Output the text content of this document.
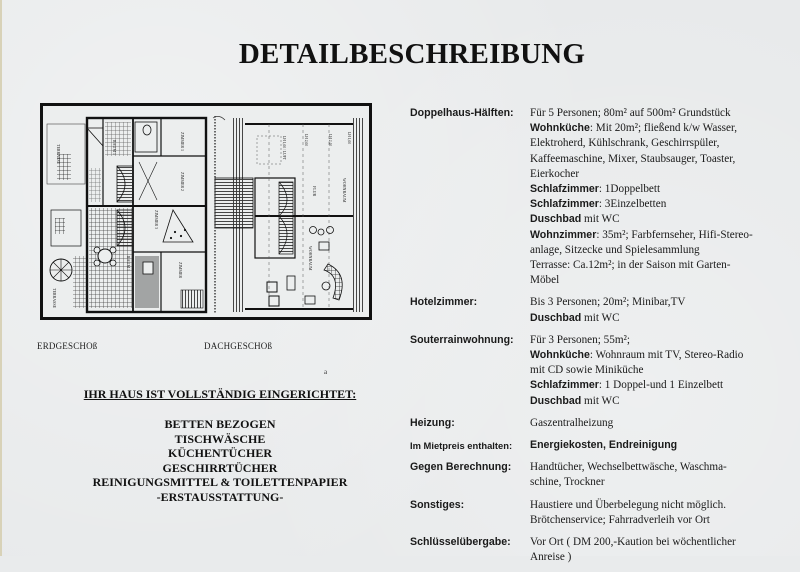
DETAILBESCHREIBUNG
TERRASSE
ZIMMER 1
ZIMMER 2
ZIMMER 3
ZIMMER
RAUM 1
RAUM 1
TERRASSE
LH 2,00	LH 2,40	LH 1,00
LH 1,00 / LUFT
WOHNRAUM
FLUR
WOHNRAUM
ERDGESCHOß	DACHGESCHOß
a
IHR HAUS IST VOLLSTÄNDIG EINGERICHTET:
BETTEN BEZOGEN
TISCHWÄSCHE
KÜCHENTÜCHER
GESCHIRRTÜCHER
REINIGUNGSMITTEL & TOILETTENPAPIER
-ERSTAUSSTATTUNG-
Doppelhaus-Hälften:	Für 5 Personen; 80m² auf 500m² Grundstück
Wohnküche: Mit 20m²; fließend k/w Wasser,
Elektroherd, Kühlschrank, Geschirrspüler,
Kaffeemaschine, Mixer, Staubsauger, Toaster,
Eierkocher
Schlafzimmer: 1Doppelbett
Schlafzimmer: 3Einzelbetten
Duschbad mit WC
Wohnzimmer: 35m²; Farbfernseher, Hifi-Stereo-
anlage, Sitzecke und Spielesammlung
Terrasse: Ca.12m²; in der Saison mit Garten-
Möbel
Hotelzimmer:	Bis 3 Personen; 20m²; Minibar,TV
Duschbad mit WC
Souterrainwohnung:	Für 3 Personen; 55m²;
Wohnküche: Wohnraum mit TV, Stereo-Radio
mit CD sowie Miniküche
Schlafzimmer: 1 Doppel-und 1 Einzelbett
Duschbad mit WC
Heizung:	Gaszentralheizung
Im Mietpreis enthalten:	Energiekosten, Endreinigung
Gegen Berechnung:	Handtücher, Wechselbettwäsche, Waschma-
schine, Trockner
Sonstiges:	Haustiere und Überbelegung nicht möglich.
Brötchenservice; Fahrradverleih vor Ort
Schlüsselübergabe:	Vor Ort ( DM 200,-Kaution bei wöchentlicher
Anreise )
